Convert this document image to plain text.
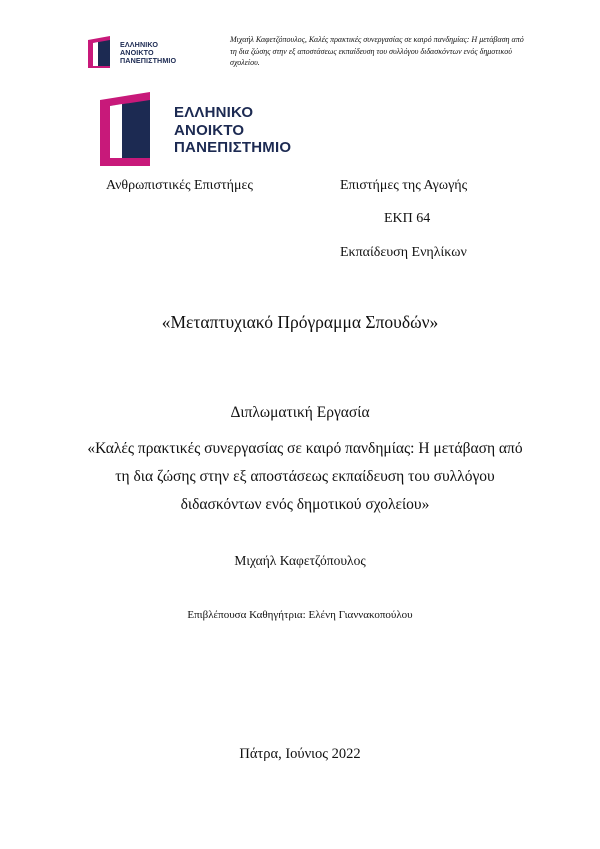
ΕΛΛΗΝΙΚΟ
ΑΝΟΙΚΤΟ
ΠΑΝΕΠΙΣΤΗΜΙΟ
Μιχαήλ Καφετζόπουλος, Καλές πρακτικές συνεργασίας σε καιρό πανδημίας: Η μετάβαση από τη δια ζώσης στην εξ αποστάσεως εκπαίδευση του συλλόγου διδασκόντων ενός δημοτικού σχολείου.
ΕΛΛΗΝΙΚΟ
ΑΝΟΙΚΤΟ
ΠΑΝΕΠΙΣΤΗΜΙΟ
Ανθρωπιστικές Επιστήμες	Επιστήμες της Αγωγής
ΕΚΠ 64
Εκπαίδευση Ενηλίκων
«Μεταπτυχιακό Πρόγραμμα Σπουδών»
Διπλωματική Εργασία
«Καλές πρακτικές συνεργασίας σε καιρό πανδημίας: Η μετάβαση από τη δια ζώσης στην εξ αποστάσεως εκπαίδευση του συλλόγου διδασκόντων ενός δημοτικού σχολείου»
Μιχαήλ Καφετζόπουλος
Επιβλέπουσα Καθηγήτρια: Ελένη Γιαννακοπούλου
Πάτρα, Ιούνιος 2022
